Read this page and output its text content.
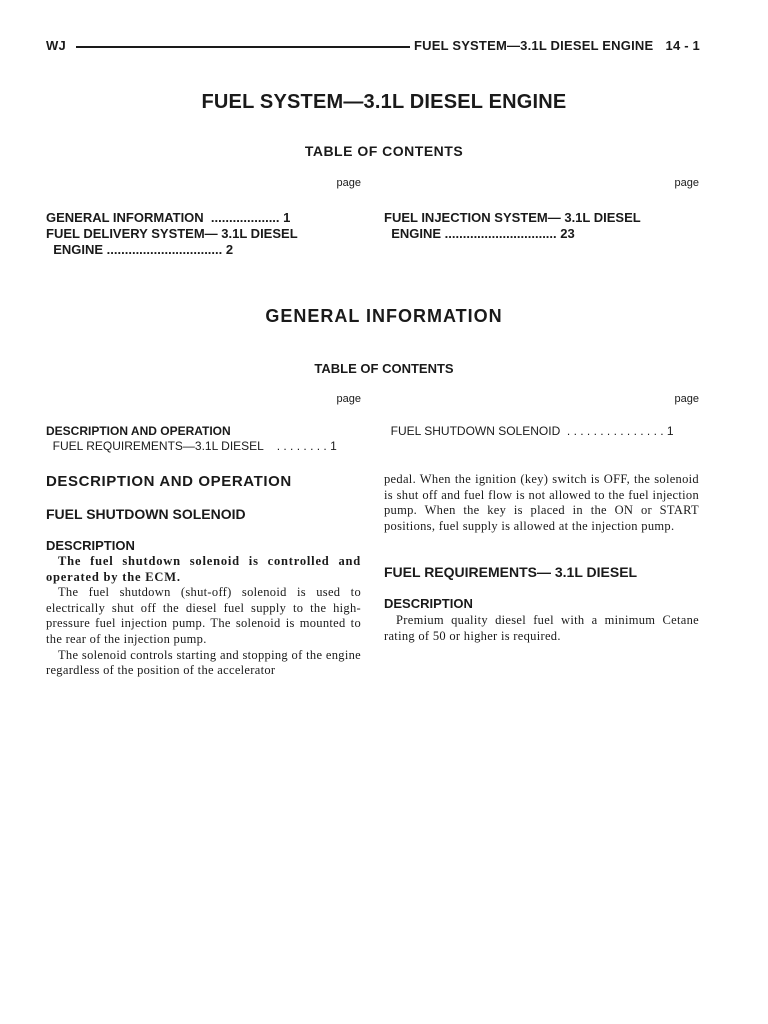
WJ	FUEL SYSTEM—3.1L DIESEL ENGINE 14 - 1
FUEL SYSTEM—3.1L DIESEL ENGINE
TABLE OF CONTENTS
page	page
GENERAL INFORMATION  ................... 1
FUEL DELIVERY SYSTEM— 3.1L DIESEL
ENGINE ................................ 2
FUEL INJECTION SYSTEM— 3.1L DIESEL
ENGINE ............................... 23
GENERAL INFORMATION
TABLE OF CONTENTS
page	page
DESCRIPTION AND OPERATION
FUEL REQUIREMENTS—3.1L DIESEL    . . . . . . . . 1
FUEL SHUTDOWN SOLENOID  . . . . . . . . . . . . . . . 1
DESCRIPTION AND OPERATION
FUEL SHUTDOWN SOLENOID
DESCRIPTION

The fuel shutdown solenoid is controlled and operated by the ECM.

The fuel shutdown (shut-off) solenoid is used to electrically shut off the diesel fuel supply to the high-pressure fuel injection pump. The solenoid is mounted to the rear of the injection pump.

The solenoid controls starting and stopping of the engine regardless of the position of the accelerator

pedal. When the ignition (key) switch is OFF, the solenoid is shut off and fuel flow is not allowed to the fuel injection pump. When the key is placed in the ON or START positions, fuel supply is allowed at the injection pump.

FUEL REQUIREMENTS— 3.1L DIESEL
DESCRIPTION

Premium quality diesel fuel with a minimum Cetane rating of 50 or higher is required.
